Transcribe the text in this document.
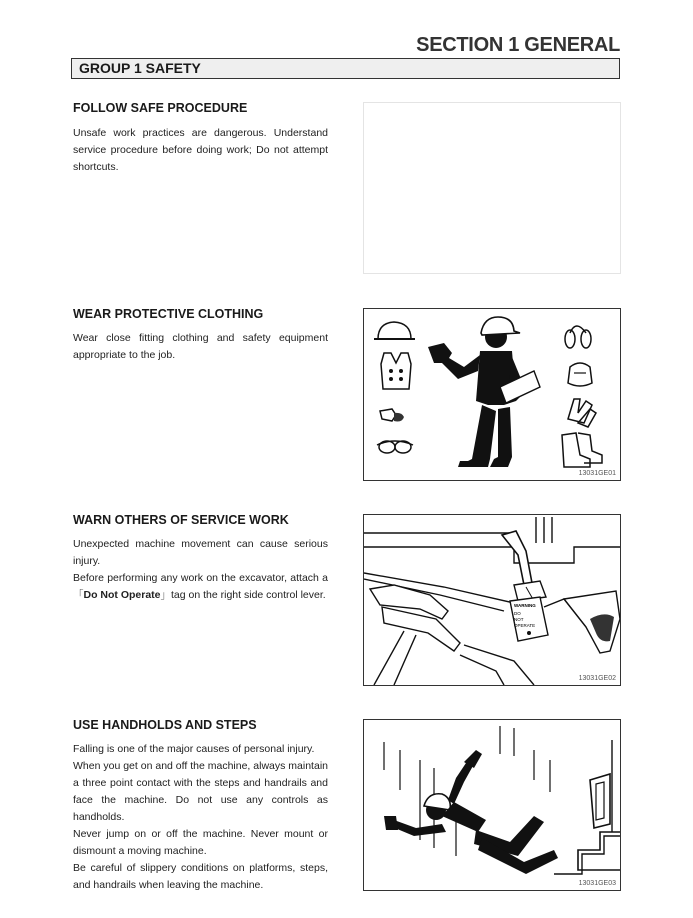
SECTION 1 GENERAL
GROUP 1 SAFETY
FOLLOW SAFE PROCEDURE

Unsafe work practices are dangerous. Understand service procedure before doing work; Do not attempt shortcuts.

WEAR PROTECTIVE CLOTHING

Wear close fitting clothing and safety equipment appropriate to the job.

13031GE01
WARN OTHERS OF SERVICE WORK

Unexpected machine movement can cause serious injury.

Before performing any work on the excavator, attach a 「Do Not Operate」tag on the right side control lever.

WARNING
DO
NOT
OPERATE
13031GE02
USE HANDHOLDS AND STEPS

Falling is one of the major causes of personal injury.

When you get on and off the machine, always maintain a three point contact with the steps and handrails and face the machine. Do not use any controls as handholds.

Never jump on or off the machine. Never mount or dismount a moving machine.

Be careful of slippery conditions on platforms, steps, and handrails when leaving the machine.	13031GE03
